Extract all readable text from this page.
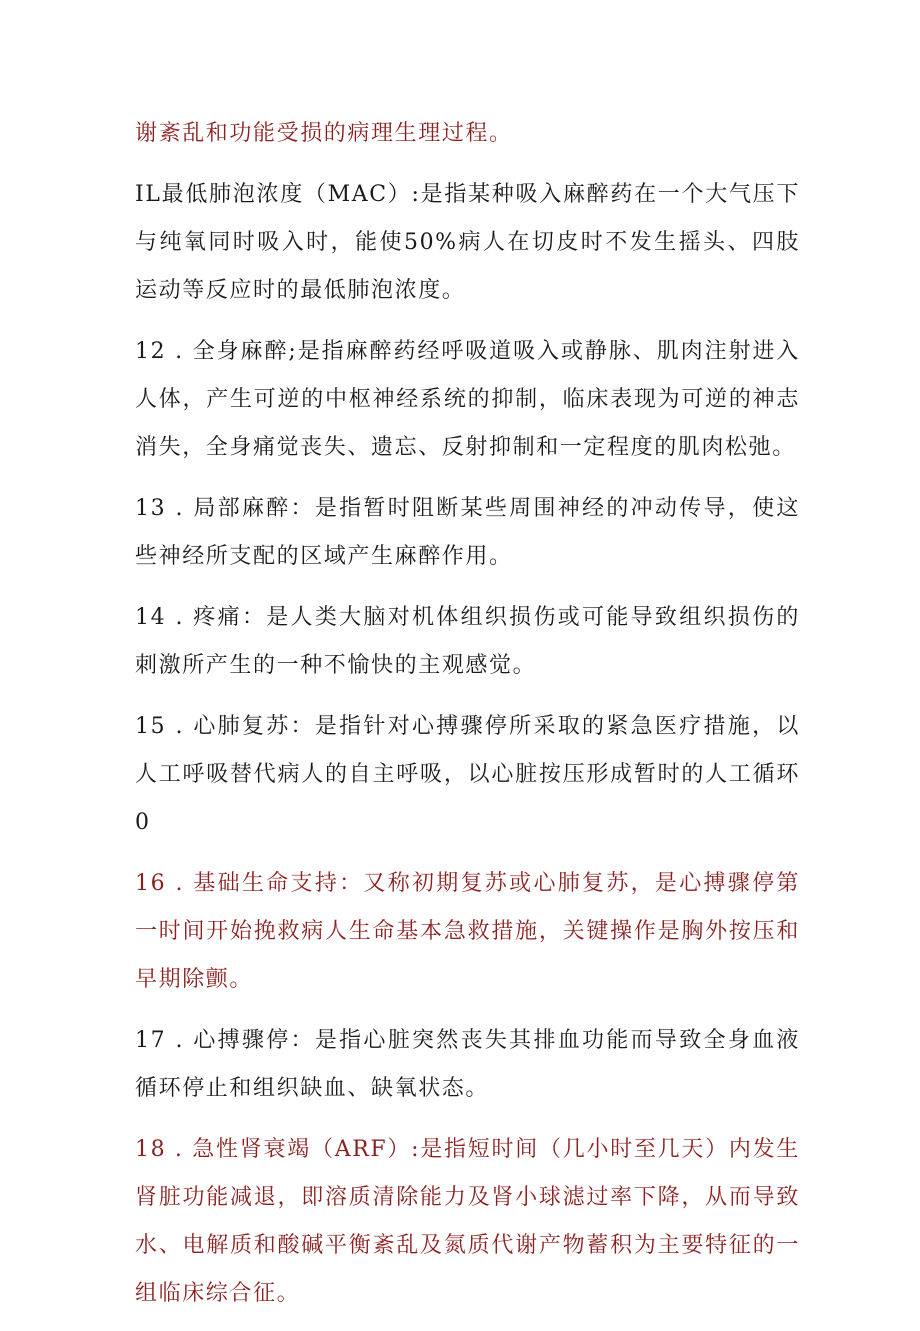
谢紊乱和功能受损的病理生理过程。

IL最低肺泡浓度（MAC）:是指某种吸入麻醉药在一个大气压下与纯氧同时吸入时，能使50%病人在切皮时不发生摇头、四肢运动等反应时的最低肺泡浓度。

12 . 全身麻醉;是指麻醉药经呼吸道吸入或静脉、肌肉注射进入人体，产生可逆的中枢神经系统的抑制，临床表现为可逆的神志消失，全身痛觉丧失、遗忘、反射抑制和一定程度的肌肉松弛。

13 . 局部麻醉：是指暂时阻断某些周围神经的冲动传导，使这些神经所支配的区域产生麻醉作用。

14 . 疼痛：是人类大脑对机体组织损伤或可能导致组织损伤的刺激所产生的一种不愉快的主观感觉。

15 . 心肺复苏：是指针对心搏骤停所采取的紧急医疗措施，以人工呼吸替代病人的自主呼吸，以心脏按压形成暂时的人工循环0

16 . 基础生命支持：又称初期复苏或心肺复苏，是心搏骤停第一时间开始挽救病人生命基本急救措施，关键操作是胸外按压和早期除颤。

17 . 心搏骤停：是指心脏突然丧失其排血功能而导致全身血液循环停止和组织缺血、缺氧状态。

18 . 急性肾衰竭（ARF）:是指短时间（几小时至几天）内发生肾脏功能减退，即溶质清除能力及肾小球滤过率下降，从而导致水、电解质和酸碱平衡紊乱及氮质代谢产物蓄积为主要特征的一组临床综合征。
